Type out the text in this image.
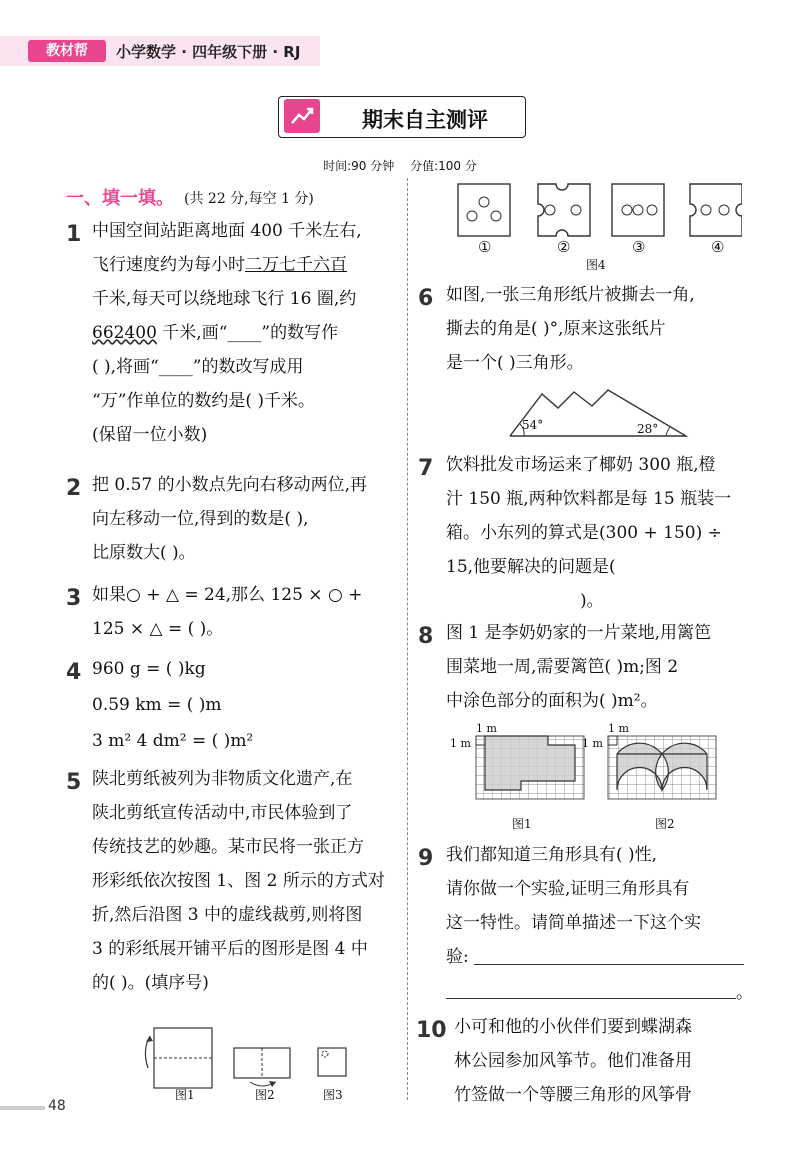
教材帮	小学数学 · 四年级下册 · RJ
期末自主测评
时间:90 分钟 分值:100 分
一、填一填。 (共 22 分,每空 1 分)
1 中国空间站距离地面 400 千米左右,
飞行速度约为每小时二万七千六百
千米,每天可以绕地球飞行 16 圈,约
662400 千米,画“____”的数写作
( ),将画“____”的数改写成用
“万”作单位的数约是( )千米。
(保留一位小数)
2 把 0.57 的小数点先向右移动两位,再
向左移动一位,得到的数是( ),
比原数大( )。
3 如果○ + △ = 24,那么 125 × ○ +
125 × △ = ( )。
4 960 g = ( )kg
0.59 km = ( )m
3 m² 4 dm² = ( )m²
5 陕北剪纸被列为非物质文化遗产,在
陕北剪纸宣传活动中,市民体验到了
传统技艺的妙趣。某市民将一张正方
形彩纸依次按图 1、图 2 所示的方式对
折,然后沿图 3 中的虚线裁剪,则将图
3 的彩纸展开铺平后的图形是图 4 中
的( )。(填序号)
图1	图2	图3
①	②	③	④
图4
6 如图,一张三角形纸片被撕去一角,
撕去的角是( )°,原来这张纸片
是一个( )三角形。
54°	28°
7 饮料批发市场运来了椰奶 300 瓶,橙
汁 150 瓶,两种饮料都是每 15 瓶装一
箱。小东列的算式是(300 + 150) ÷
15,他要解决的问题是(
)。
8 图 1 是李奶奶家的一片菜地,用篱笆
围菜地一周,需要篱笆( )m;图 2
中涂色部分的面积为( )m²。
1 m
1 m
1 m
1 m
图1	图2
9 我们都知道三角形具有( )性,
请你做一个实验,证明三角形具有
这一特性。请简单描述一下这个实
验:
。
10 小可和他的小伙伴们要到蝶湖森
林公园参加风筝节。他们准备用
竹签做一个等腰三角形的风筝骨
48
